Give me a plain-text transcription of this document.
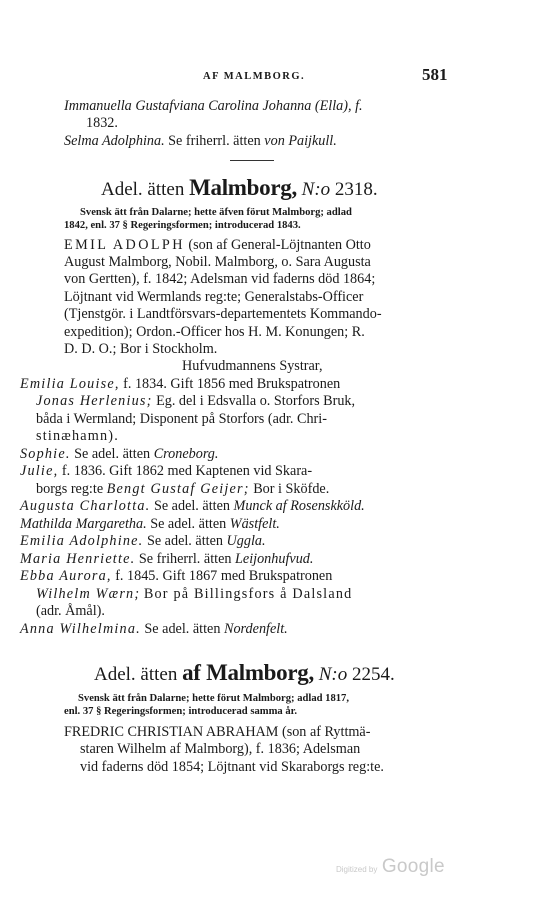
AF MALMBORG.	581
Immanuella Gustafviana Carolina Johanna (Ella), f.
1832.
Selma Adolphina. Se friherrl. ätten von Paijkull.
Adel. ätten Malmborg, N:o 2318.
Svensk ätt från Dalarne; hette äfven förut Malmborg; adlad
1842, enl. 37 § Regeringsformen; introducerad 1843.
EMIL ADOLPH (son af General-Löjtnanten Otto
August Malmborg, Nobil. Malmborg, o. Sara Augusta
von Gertten), f. 1842; Adelsman vid faderns död 1864;
Löjtnant vid Wermlands reg:te; Generalstabs-Officer
(Tjenstgör. i Landtförsvars-departementets Kommando-
expedition); Ordon.-Officer hos H. M. Konungen; R.
D. D. O.; Bor i Stockholm.
Hufvudmannens Systrar,
Emilia Louise, f. 1834. Gift 1856 med Brukspatronen
Jonas Herlenius; Eg. del i Edsvalla o. Storfors Bruk,
båda i Wermland; Disponent på Storfors (adr. Chri-
stinæhamn).
Sophie. Se adel. ätten Croneborg.
Julie, f. 1836. Gift 1862 med Kaptenen vid Skara-
borgs reg:te Bengt Gustaf Geijer; Bor i Sköfde.
Augusta Charlotta. Se adel. ätten Munck af Rosenskköld.
Mathilda Margaretha. Se adel. ätten Wästfelt.
Emilia Adolphine. Se adel. ätten Uggla.
Maria Henriette. Se friherrl. ätten Leijonhufvud.
Ebba Aurora, f. 1845. Gift 1867 med Brukspatronen
Wilhelm Wærn; Bor på Billingsfors å Dalsland
(adr. Åmål).
Anna Wilhelmina. Se adel. ätten Nordenfelt.
Adel. ätten af Malmborg, N:o 2254.
Svensk ätt från Dalarne; hette förut Malmborg; adlad 1817,
enl. 37 § Regeringsformen; introducerad samma år.
FREDRIC CHRISTIAN ABRAHAM (son af Ryttmä-
staren Wilhelm af Malmborg), f. 1836; Adelsman
vid faderns död 1854; Löjtnant vid Skaraborgs reg:te.
Digitized by Google
